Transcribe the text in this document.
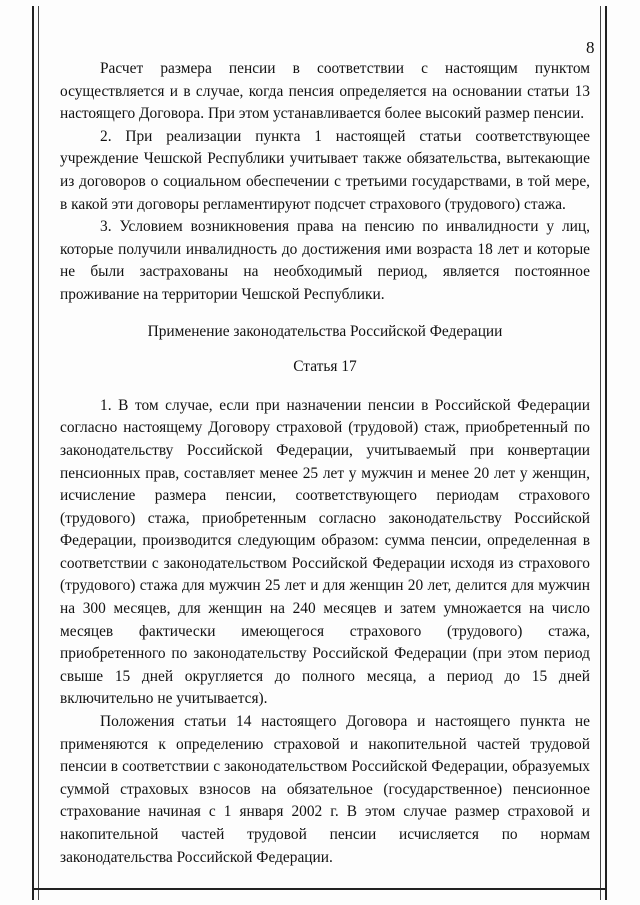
8

Расчет размера пенсии в соответствии с настоящим пунктом осуществляется и в случае, когда пенсия определяется на основании статьи 13 настоящего Договора. При этом устанавливается более высокий размер пенсии.

2. При реализации пункта 1 настоящей статьи соответствующее учреждение Чешской Республики учитывает также обязательства, вытекающие из договоров о социальном обеспечении с третьими государствами, в той мере, в какой эти договоры регламентируют подсчет страхового (трудового) стажа.

3. Условием возникновения права на пенсию по инвалидности у лиц, которые получили инвалидность до достижения ими возраста 18 лет и которые не были застрахованы на необходимый период, является постоянное проживание на территории Чешской Республики.

Применение законодательства Российской Федерации

Статья 17

1. В том случае, если при назначении пенсии в Российской Федерации согласно настоящему Договору страховой (трудовой) стаж, приобретенный по законодательству Российской Федерации, учитываемый при конвертации пенсионных прав, составляет менее 25 лет у мужчин и менее 20 лет у женщин, исчисление размера пенсии, соответствующего периодам страхового (трудового) стажа, приобретенным согласно законодательству Российской Федерации, производится следующим образом: сумма пенсии, определенная в соответствии с законодательством Российской Федерации исходя из страхового (трудового) стажа для мужчин 25 лет и для женщин 20 лет, делится для мужчин на 300 месяцев, для женщин на 240 месяцев и затем умножается на число месяцев фактически имеющегося страхового (трудового) стажа, приобретенного по законодательству Российской Федерации (при этом период свыше 15 дней округляется до полного месяца, а период до 15 дней включительно не учитывается).

Положения статьи 14 настоящего Договора и настоящего пункта не применяются к определению страховой и накопительной частей трудовой пенсии в соответствии с законодательством Российской Федерации, образуемых суммой страховых взносов на обязательное (государственное) пенсионное страхование начиная с 1 января 2002 г. В этом случае размер страховой и накопительной частей трудовой пенсии исчисляется по нормам законодательства Российской Федерации.
